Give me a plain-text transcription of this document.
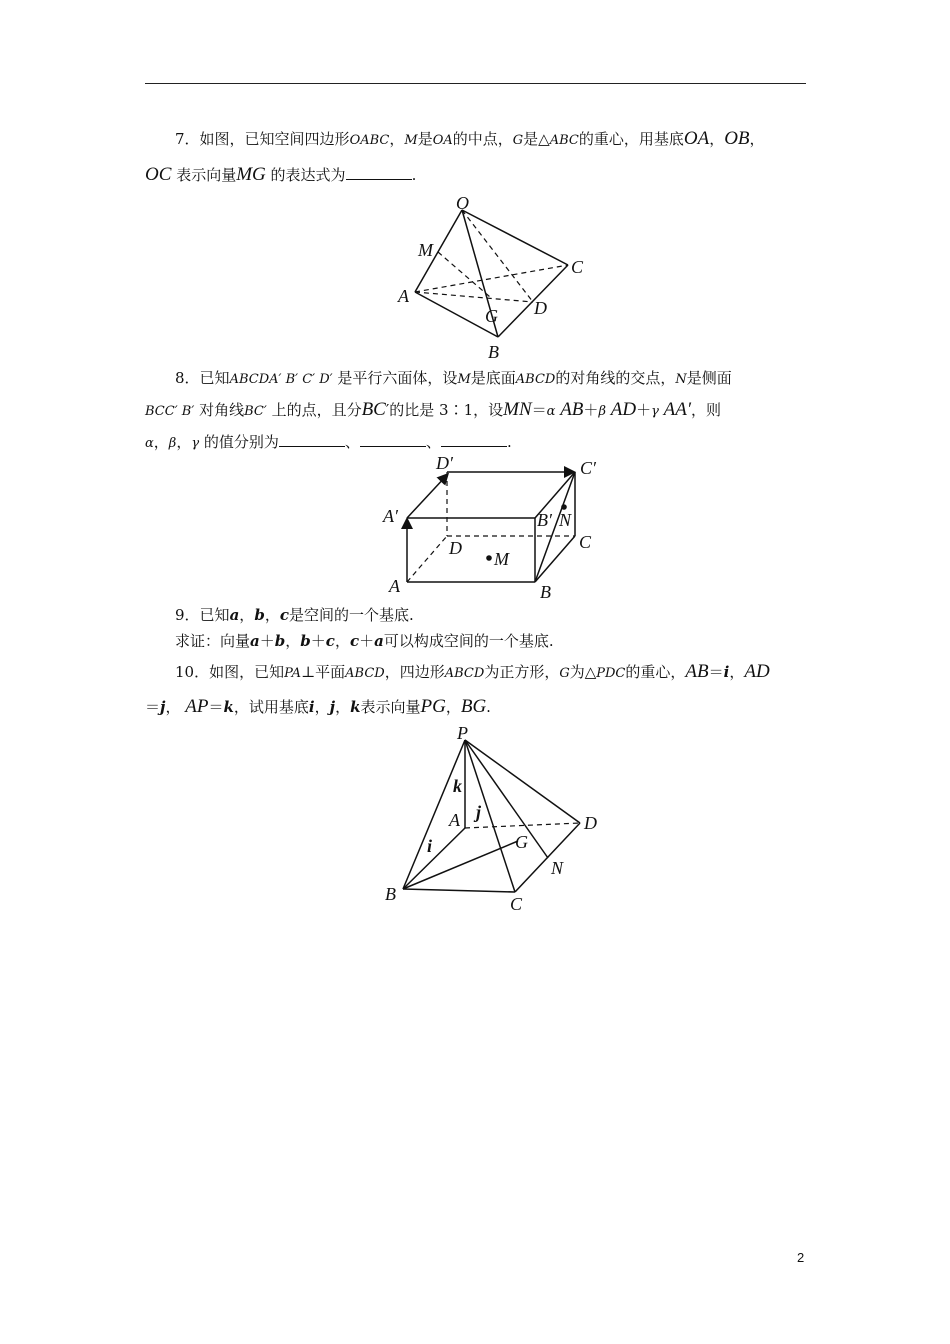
7．如图，已知空间四边形OABC，M是OA的中点，G是△ABC的重心，用基底OA，OB，
OC 表示向量MG 的表达式为	.
O
M
C
A
G D
B
8．已知ABCDA′ B′ C′ D′ 是平行六面体，设M是底面ABCD的对角线的交点，N是侧面
BCC′ B′ 对角线BC′ 上的点，且分BC′的比是 3∶1，设MN＝α AB＋β AD＋γ AA′，则
α，β，γ 的值分别为	、	、	.
D′	C′
A′	B′ N
D	C
M
A	B
9．已知a，b，c是空间的一个基底.
求证：向量a＋b，b＋c，c＋a可以构成空间的一个基底.
10．如图，已知PA⊥平面ABCD，四边形ABCD为正方形，G为△PDC的重心，AB＝i，AD
＝j， AP＝k，试用基底i，j，k表示向量PG，BG.
P
k
A j
D
i	G
N
B	C
2
